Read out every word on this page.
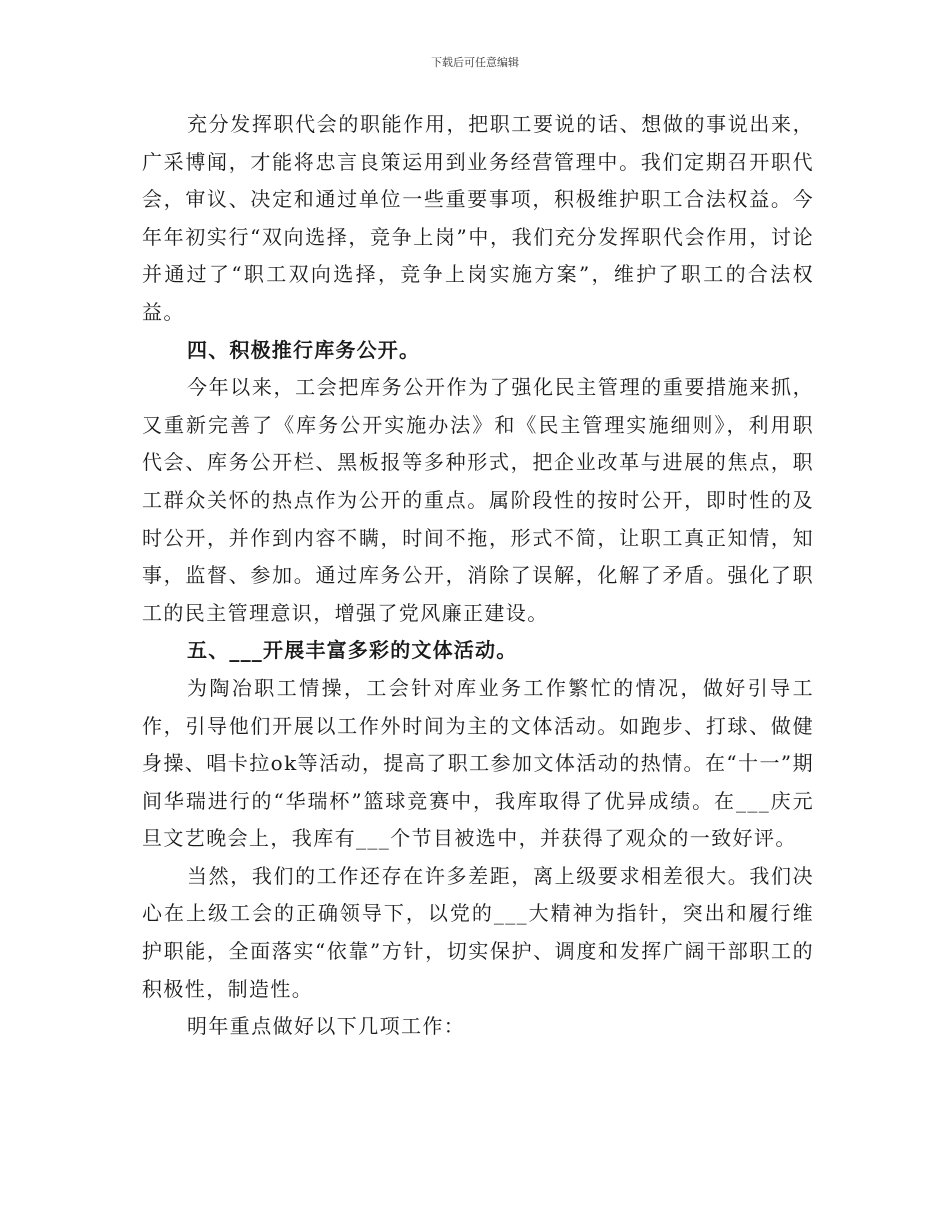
下载后可任意编辑

充分发挥职代会的职能作用，把职工要说的话、想做的事说出来，广采博闻，才能将忠言良策运用到业务经营管理中。我们定期召开职代会，审议、决定和通过单位一些重要事项，积极维护职工合法权益。今年年初实行“双向选择，竞争上岗”中，我们充分发挥职代会作用，讨论并通过了“职工双向选择，竞争上岗实施方案”，维护了职工的合法权益。

四、积极推行库务公开。

今年以来，工会把库务公开作为了强化民主管理的重要措施来抓，又重新完善了《库务公开实施办法》和《民主管理实施细则》，利用职代会、库务公开栏、黑板报等多种形式，把企业改革与进展的焦点，职工群众关怀的热点作为公开的重点。属阶段性的按时公开，即时性的及时公开，并作到内容不瞒，时间不拖，形式不简，让职工真正知情，知事，监督、参加。通过库务公开，消除了误解，化解了矛盾。强化了职工的民主管理意识，增强了党风廉正建设。

五、___开展丰富多彩的文体活动。

为陶冶职工情操，工会针对库业务工作繁忙的情况，做好引导工作，引导他们开展以工作外时间为主的文体活动。如跑步、打球、做健身操、唱卡拉ok等活动，提高了职工参加文体活动的热情。在“十一”期间华瑞进行的“华瑞杯”篮球竞赛中，我库取得了优异成绩。在___庆元旦文艺晚会上，我库有___个节目被选中，并获得了观众的一致好评。

当然，我们的工作还存在许多差距，离上级要求相差很大。我们决心在上级工会的正确领导下，以党的___大精神为指针，突出和履行维护职能，全面落实“依靠”方针，切实保护、调度和发挥广阔干部职工的积极性，制造性。

明年重点做好以下几项工作：
